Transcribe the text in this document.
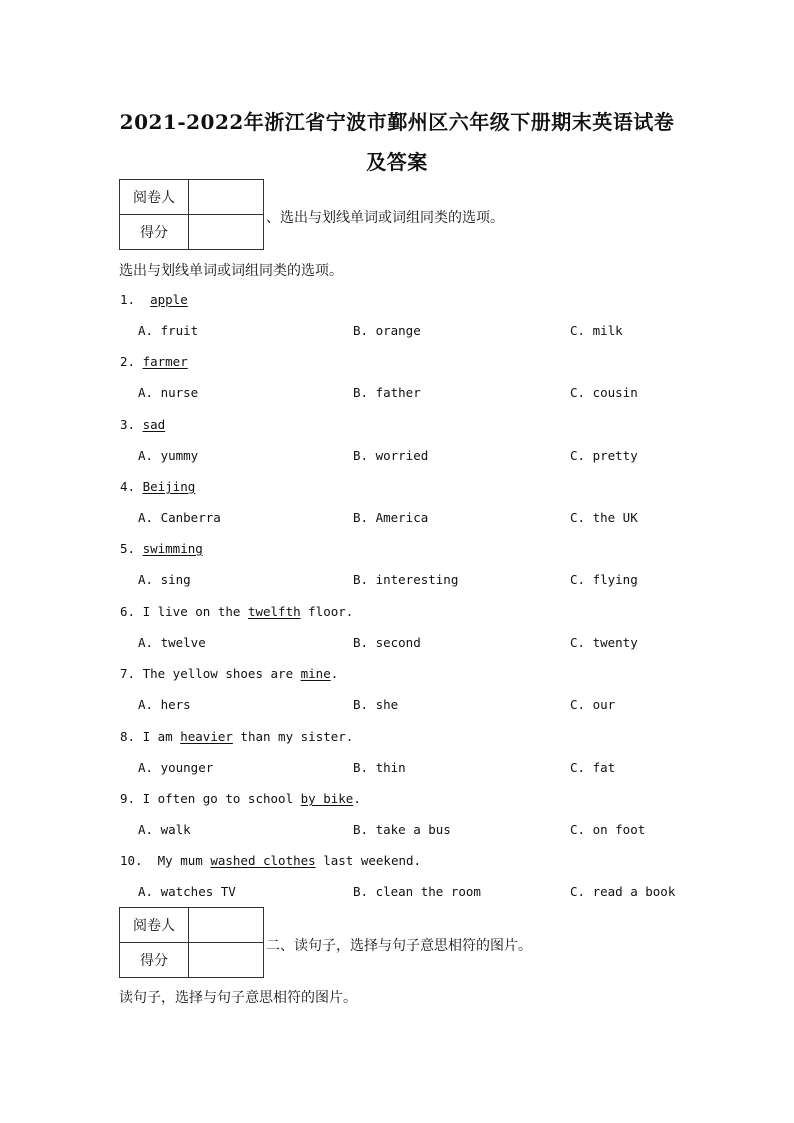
2021-2022年浙江省宁波市鄞州区六年级下册期末英语试卷
及答案
阅卷人	
得分	
、选出与划线单词或词组同类的选项。
选出与划线单词或词组同类的选项。
1.  apple
A. fruit	B. orange	C. milk
2. farmer
A. nurse	B. father	C. cousin
3. sad
A. yummy	B. worried	C. pretty
4. Beijing
A. Canberra	B. America	C. the UK
5. swimming
A. sing	B. interesting	C. flying
6. I live on the twelfth floor.
A. twelve	B. second	C. twenty
7. The yellow shoes are mine.
A. hers	B. she	C. our
8. I am heavier than my sister.
A. younger	B. thin	C. fat
9. I often go to school by bike.
A. walk	B. take a bus	C. on foot
10.  My mum washed clothes last weekend.
A. watches TV	B. clean the room	C. read a book
阅卷人	
得分	
二、读句子，选择与句子意思相符的图片。
读句子，选择与句子意思相符的图片。
